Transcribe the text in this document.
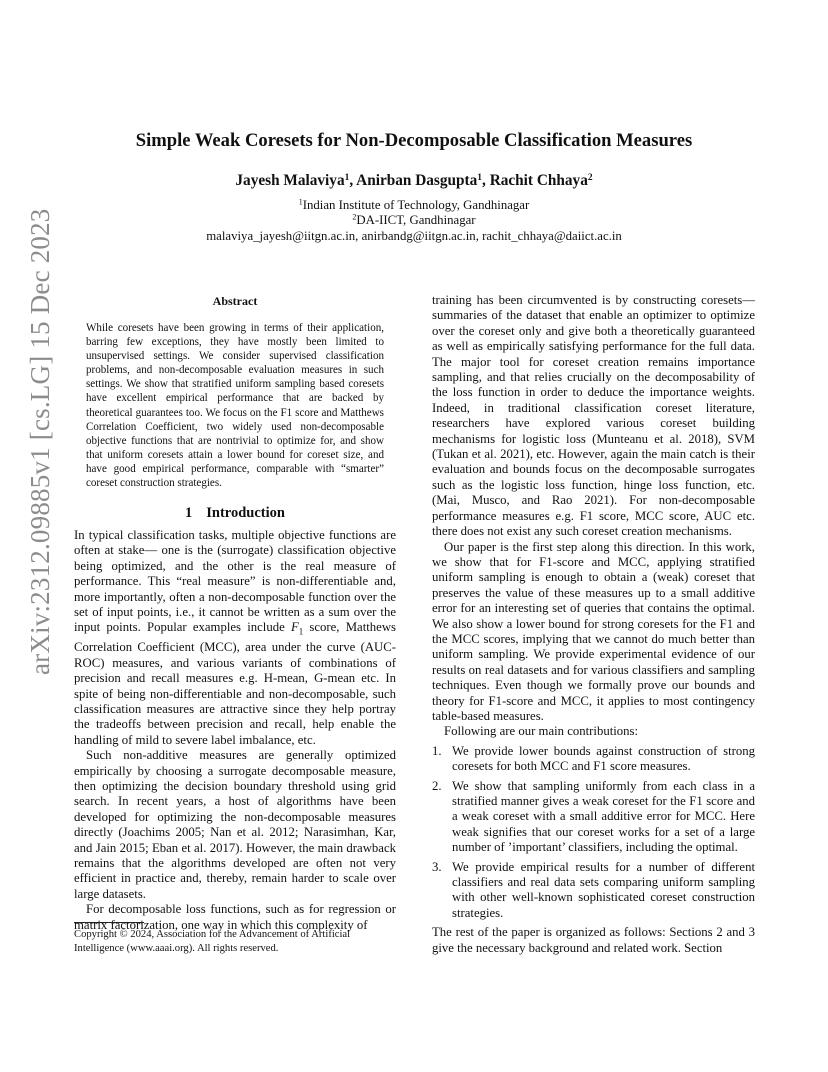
arXiv:2312.09885v1 [cs.LG] 15 Dec 2023
Simple Weak Coresets for Non-Decomposable Classification Measures
Jayesh Malaviya$^1$, Anirban Dasgupta$^1$, Rachit Chhaya$^2$
$^1$Indian Institute of Technology, Gandhinagar
$^2$DA-IICT, Gandhinagar
malaviya_jayesh@iitgn.ac.in, anirbandg@iitgn.ac.in, rachit_chhaya@daiict.ac.in
Abstract
While coresets have been growing in terms of their application, barring few exceptions, they have mostly been limited to unsupervised settings. We consider supervised classification problems, and non-decomposable evaluation measures in such settings. We show that stratified uniform sampling based coresets have excellent empirical performance that are backed by theoretical guarantees too. We focus on the F1 score and Matthews Correlation Coefficient, two widely used non-decomposable objective functions that are nontrivial to optimize for, and show that uniform coresets attain a lower bound for coreset size, and have good empirical performance, comparable with “smarter” coreset construction strategies.
1 Introduction

In typical classification tasks, multiple objective functions are often at stake— one is the (surrogate) classification objective being optimized, and the other is the real measure of performance. This “real measure” is non-differentiable and, more importantly, often a non-decomposable function over the set of input points, i.e., it cannot be written as a sum over the input points. Popular examples include $F_1$ score, Matthews Correlation Coefficient (MCC), area under the curve (AUC-ROC) measures, and various variants of combinations of precision and recall measures e.g. H-mean, G-mean etc. In spite of being non-differentiable and non-decomposable, such classification measures are attractive since they help portray the tradeoffs between precision and recall, help enable the handling of mild to severe label imbalance, etc.

Such non-additive measures are generally optimized empirically by choosing a surrogate decomposable measure, then optimizing the decision boundary threshold using grid search. In recent years, a host of algorithms have been developed for optimizing the non-decomposable measures directly (Joachims 2005; Nan et al. 2012; Narasimhan, Kar, and Jain 2015; Eban et al. 2017). However, the main drawback remains that the algorithms developed are often not very efficient in practice and, thereby, remain harder to scale over large datasets.

For decomposable loss functions, such as for regression or matrix factorization, one way in which this complexity of

Copyright © 2024, Association for the Advancement of Artificial Intelligence (www.aaai.org). All rights reserved.

training has been circumvented is by constructing coresets—summaries of the dataset that enable an optimizer to optimize over the coreset only and give both a theoretically guaranteed as well as empirically satisfying performance for the full data. The major tool for coreset creation remains importance sampling, and that relies crucially on the decomposability of the loss function in order to deduce the importance weights. Indeed, in traditional classification coreset literature, researchers have explored various coreset building mechanisms for logistic loss (Munteanu et al. 2018), SVM (Tukan et al. 2021), etc. However, again the main catch is their evaluation and bounds focus on the decomposable surrogates such as the logistic loss function, hinge loss function, etc. (Mai, Musco, and Rao 2021). For non-decomposable performance measures e.g. F1 score, MCC score, AUC etc. there does not exist any such coreset creation mechanisms.

Our paper is the first step along this direction. In this work, we show that for F1-score and MCC, applying stratified uniform sampling is enough to obtain a (weak) coreset that preserves the value of these measures up to a small additive error for an interesting set of queries that contains the optimal. We also show a lower bound for strong coresets for the F1 and the MCC scores, implying that we cannot do much better than uniform sampling. We provide experimental evidence of our results on real datasets and for various classifiers and sampling techniques. Even though we formally prove our bounds and theory for F1-score and MCC, it applies to most contingency table-based measures.

Following are our main contributions:

1. We provide lower bounds against construction of strong coresets for both MCC and F1 score measures.
2. We show that sampling uniformly from each class in a stratified manner gives a weak coreset for the F1 score and a weak coreset with a small additive error for MCC. Here weak signifies that our coreset works for a set of a large number of ’important’ classifiers, including the optimal.
3. We provide empirical results for a number of different classifiers and real data sets comparing uniform sampling with other well-known sophisticated coreset construction strategies.

The rest of the paper is organized as follows: Sections 2 and 3 give the necessary background and related work. Section
